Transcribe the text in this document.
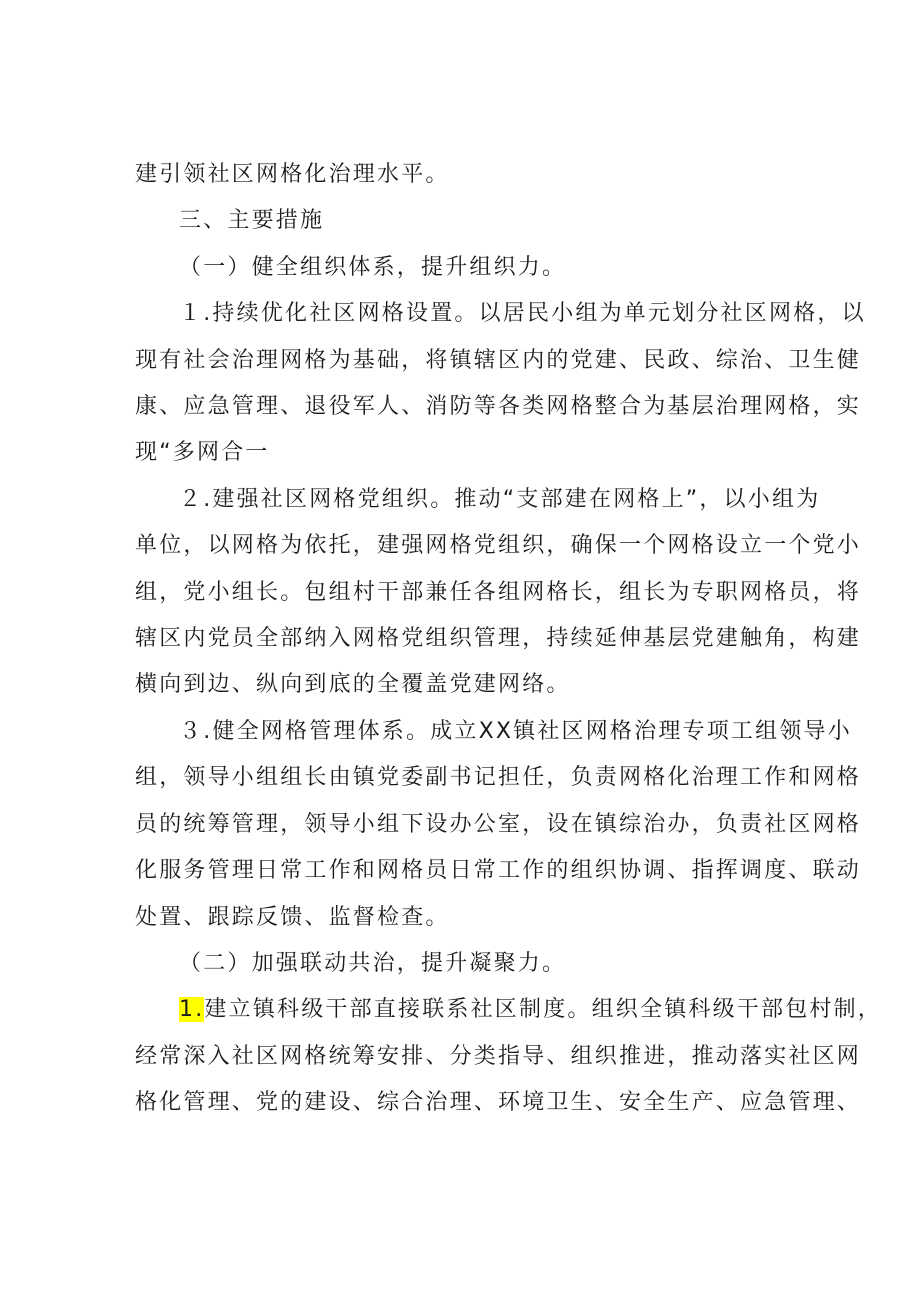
建引领社区网格化治理水平。

三、主要措施

（一）健全组织体系，提升组织力。

１.持续优化社区网格设置。以居民小组为单元划分社区网格，以
现有社会治理网格为基础，将镇辖区内的党建、民政、综治、卫生健
康、应急管理、退役军人、消防等各类网格整合为基层治理网格，实
现“多网合一

２.建强社区网格党组织。推动“支部建在网格上”，以小组为
单位，以网格为依托，建强网格党组织，确保一个网格设立一个党小
组，党小组长。包组村干部兼任各组网格长，组长为专职网格员，将
辖区内党员全部纳入网格党组织管理，持续延伸基层党建触角，构建
横向到边、纵向到底的全覆盖党建网络。

３.健全网格管理体系。成立XX镇社区网格治理专项工组领导小
组，领导小组组长由镇党委副书记担任，负责网格化治理工作和网格
员的统筹管理，领导小组下设办公室，设在镇综治办，负责社区网格
化服务管理日常工作和网格员日常工作的组织协调、指挥调度、联动
处置、跟踪反馈、监督检查。

（二）加强联动共治，提升凝聚力。

1.建立镇科级干部直接联系社区制度。组织全镇科级干部包村制，
经常深入社区网格统筹安排、分类指导、组织推进，推动落实社区网
格化管理、党的建设、综合治理、环境卫生、安全生产、应急管理、
